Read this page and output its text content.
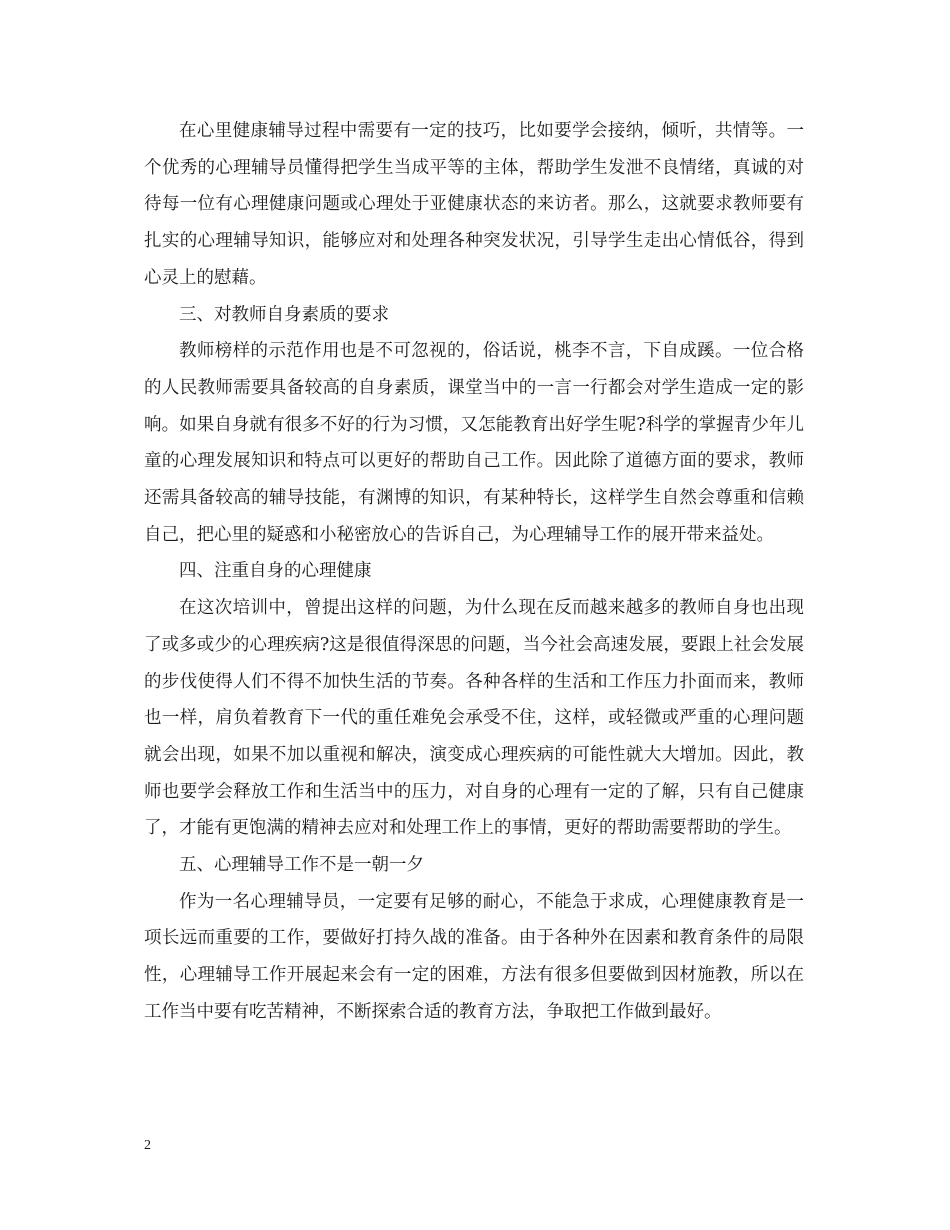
在心里健康辅导过程中需要有一定的技巧，比如要学会接纳，倾听，共情等。一个优秀的心理辅导员懂得把学生当成平等的主体，帮助学生发泄不良情绪，真诚的对待每一位有心理健康问题或心理处于亚健康状态的来访者。那么，这就要求教师要有扎实的心理辅导知识，能够应对和处理各种突发状况，引导学生走出心情低谷，得到心灵上的慰藉。

三、对教师自身素质的要求

教师榜样的示范作用也是不可忽视的，俗话说，桃李不言，下自成蹊。一位合格的人民教师需要具备较高的自身素质，课堂当中的一言一行都会对学生造成一定的影响。如果自身就有很多不好的行为习惯，又怎能教育出好学生呢?科学的掌握青少年儿童的心理发展知识和特点可以更好的帮助自己工作。因此除了道德方面的要求，教师还需具备较高的辅导技能，有渊博的知识，有某种特长，这样学生自然会尊重和信赖自己，把心里的疑惑和小秘密放心的告诉自己，为心理辅导工作的展开带来益处。

四、注重自身的心理健康

在这次培训中，曾提出这样的问题，为什么现在反而越来越多的教师自身也出现了或多或少的心理疾病?这是很值得深思的问题，当今社会高速发展，要跟上社会发展的步伐使得人们不得不加快生活的节奏。各种各样的生活和工作压力扑面而来，教师也一样，肩负着教育下一代的重任难免会承受不住，这样，或轻微或严重的心理问题就会出现，如果不加以重视和解决，演变成心理疾病的可能性就大大增加。因此，教师也要学会释放工作和生活当中的压力，对自身的心理有一定的了解，只有自己健康了，才能有更饱满的精神去应对和处理工作上的事情，更好的帮助需要帮助的学生。

五、心理辅导工作不是一朝一夕

作为一名心理辅导员，一定要有足够的耐心，不能急于求成，心理健康教育是一项长远而重要的工作，要做好打持久战的准备。由于各种外在因素和教育条件的局限性，心理辅导工作开展起来会有一定的困难，方法有很多但要做到因材施教，所以在工作当中要有吃苦精神，不断探索合适的教育方法，争取把工作做到最好。

2
